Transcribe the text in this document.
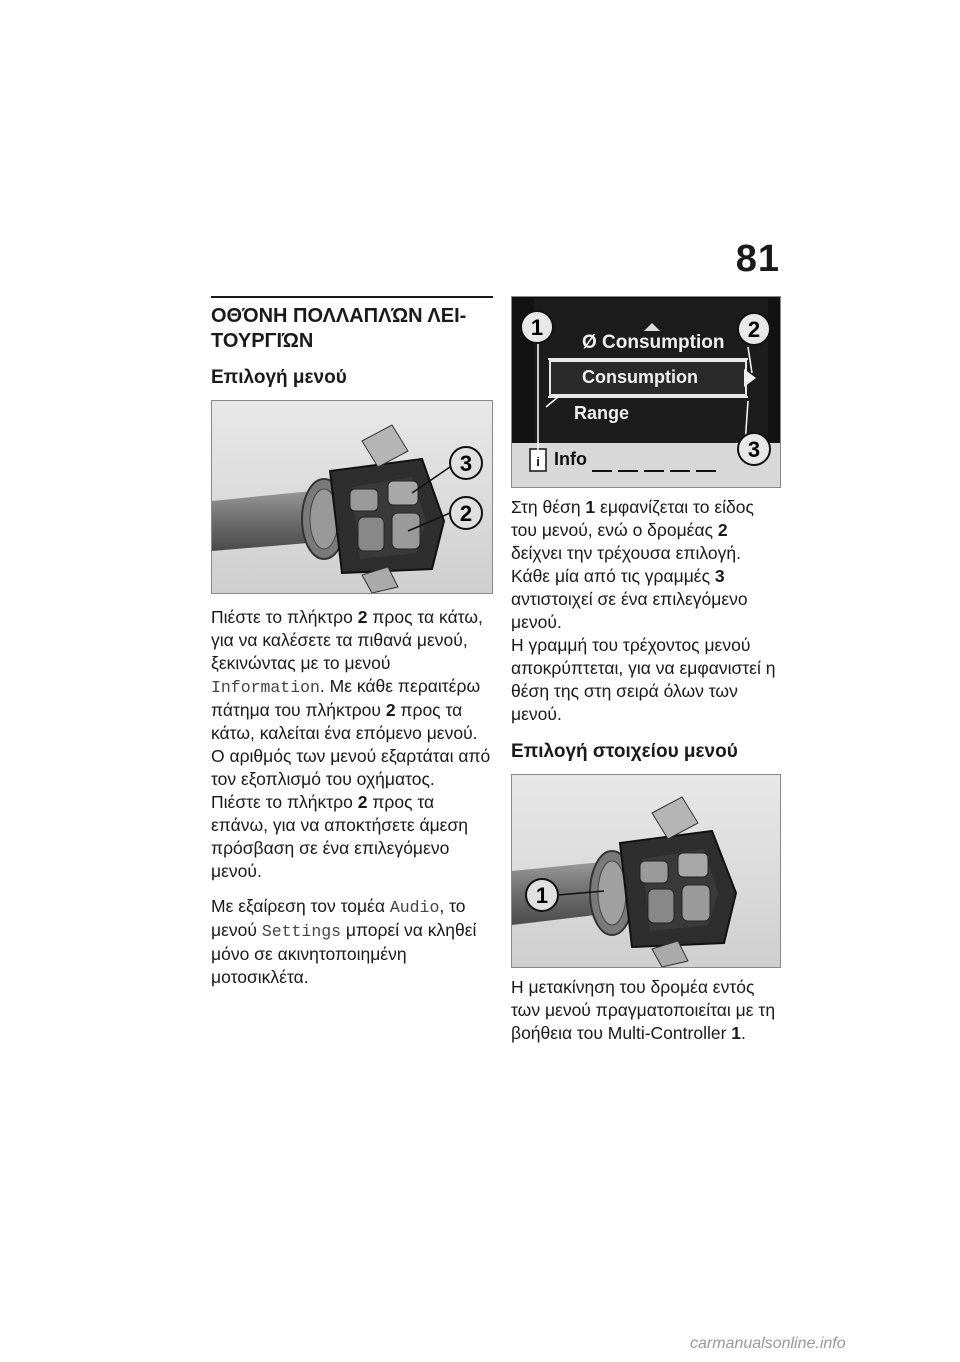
81
ΟΘΌΝΗ ΠΟΛΛΑΠΛΏΝ ΛΕΙ-
ΤΟΥΡΓΙΏΝ
Επιλογή μενού
3
2

Πιέστε το πλήκτρο 2 προς τα κάτω, για να καλέσετε τα πιθανά μενού, ξεκινώντας με το μενού Information. Με κάθε περαιτέρω πάτημα του πλήκτρου 2 προς τα κάτω, καλείται ένα επόμενο μενού. Ο αριθμός των μενού εξαρτάται από τον εξοπλισμό του οχήματος.

Πιέστε το πλήκτρο 2 προς τα επάνω, για να αποκτήσετε άμεση πρόσβαση σε ένα επιλεγόμενο μενού.

Με εξαίρεση τον τομέα Audio, το μενού Settings μπορεί να κληθεί μόνο σε ακινητοποιημένη μοτοσικλέτα.

Ø Consumption
Consumption
Range
i Info
1	2
3

Στη θέση 1 εμφανίζεται το είδος του μενού, ενώ ο δρομέας 2 δείχνει την τρέχουσα επιλογή. Κάθε μία από τις γραμμές 3 αντιστοιχεί σε ένα επιλεγόμενο μενού.

Η γραμμή του τρέχοντος μενού αποκρύπτεται, για να εμφανιστεί η θέση της στη σειρά όλων των μενού.

Επιλογή στοιχείου μενού
1

Η μετακίνηση του δρομέα εντός των μενού πραγματοποιείται με τη βοήθεια του Multi-Controller 1.

carmanualsonline.info
